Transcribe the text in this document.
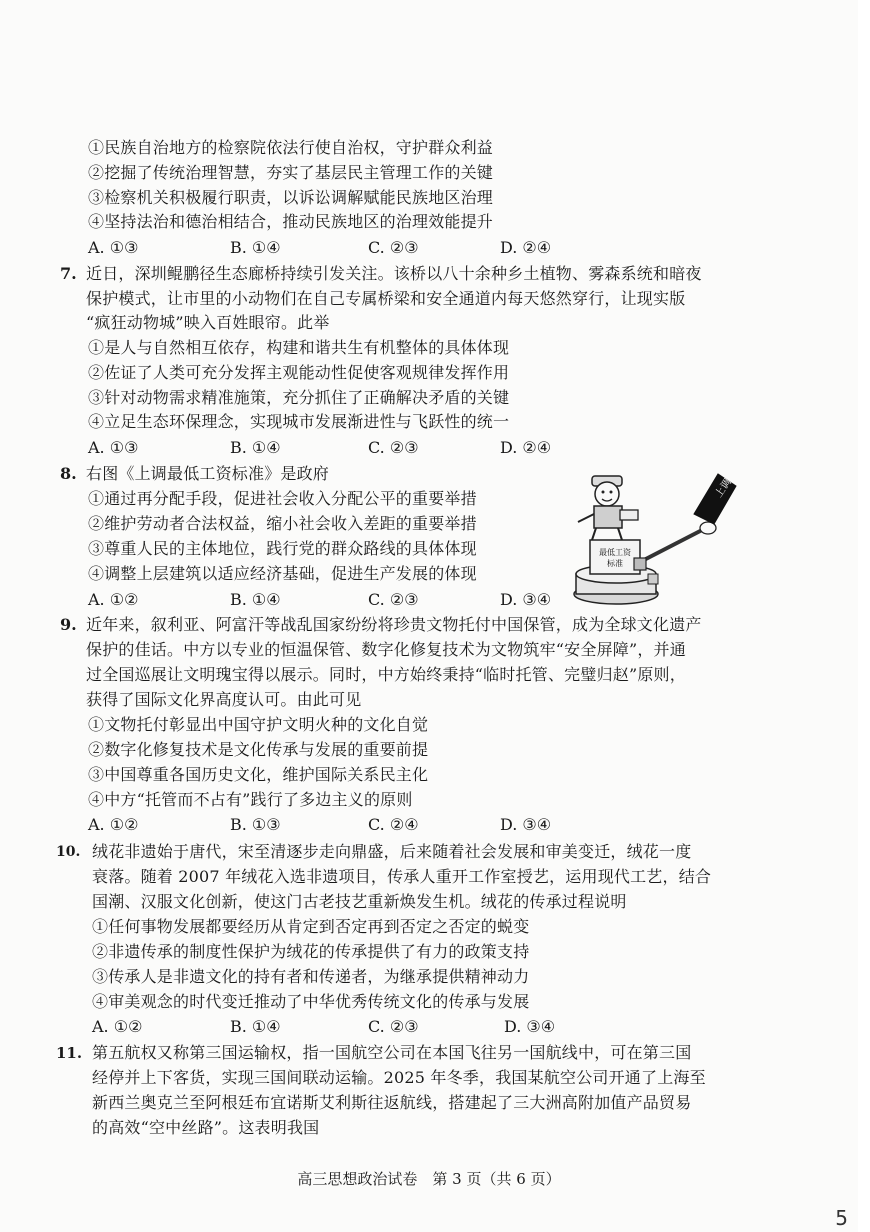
①民族自治地方的检察院依法行使自治权，守护群众利益
②挖掘了传统治理智慧，夯实了基层民主管理工作的关键
③检察机关积极履行职责，以诉讼调解赋能民族地区治理
④坚持法治和德治相结合，推动民族地区的治理效能提升
A. ①③	B. ①④	C. ②③	D. ②④
7. 近日，深圳鲲鹏径生态廊桥持续引发关注。该桥以八十余种乡土植物、雾森系统和暗夜
保护模式，让市里的小动物们在自己专属桥梁和安全通道内每天悠然穿行，让现实版
“疯狂动物城”映入百姓眼帘。此举
①是人与自然相互依存，构建和谐共生有机整体的具体体现
②佐证了人类可充分发挥主观能动性促使客观规律发挥作用
③针对动物需求精准施策，充分抓住了正确解决矛盾的关键
④立足生态环保理念，实现城市发展渐进性与飞跃性的统一
A. ①③	B. ①④	C. ②③	D. ②④
8. 右图《上调最低工资标准》是政府
①通过再分配手段，促进社会收入分配公平的重要举措
②维护劳动者合法权益，缩小社会收入差距的重要举措
③尊重人民的主体地位，践行党的群众路线的具体体现
④调整上层建筑以适应经济基础，促进生产发展的体现
A. ①②	B. ①④	C. ②③	D. ③④
最低工资
标准
上调
9. 近年来，叙利亚、阿富汗等战乱国家纷纷将珍贵文物托付中国保管，成为全球文化遗产
保护的佳话。中方以专业的恒温保管、数字化修复技术为文物筑牢“安全屏障”，并通
过全国巡展让文明瑰宝得以展示。同时，中方始终秉持“临时托管、完璧归赵”原则，
获得了国际文化界高度认可。由此可见
①文物托付彰显出中国守护文明火种的文化自觉
②数字化修复技术是文化传承与发展的重要前提
③中国尊重各国历史文化，维护国际关系民主化
④中方“托管而不占有”践行了多边主义的原则
A. ①②	B. ①③	C. ②④	D. ③④
10. 绒花非遗始于唐代，宋至清逐步走向鼎盛，后来随着社会发展和审美变迁，绒花一度
衰落。随着 2007 年绒花入选非遗项目，传承人重开工作室授艺，运用现代工艺，结合
国潮、汉服文化创新，使这门古老技艺重新焕发生机。绒花的传承过程说明
①任何事物发展都要经历从肯定到否定再到否定之否定的蜕变
②非遗传承的制度性保护为绒花的传承提供了有力的政策支持
③传承人是非遗文化的持有者和传递者，为继承提供精神动力
④审美观念的时代变迁推动了中华优秀传统文化的传承与发展
A. ①②	B. ①④	C. ②③	D. ③④
11. 第五航权又称第三国运输权，指一国航空公司在本国飞往另一国航线中，可在第三国
经停并上下客货，实现三国间联动运输。2025 年冬季，我国某航空公司开通了上海至
新西兰奥克兰至阿根廷布宜诺斯艾利斯往返航线，搭建起了三大洲高附加值产品贸易
的高效“空中丝路”。这表明我国
高三思想政治试卷　第 3 页（共 6 页）
5
